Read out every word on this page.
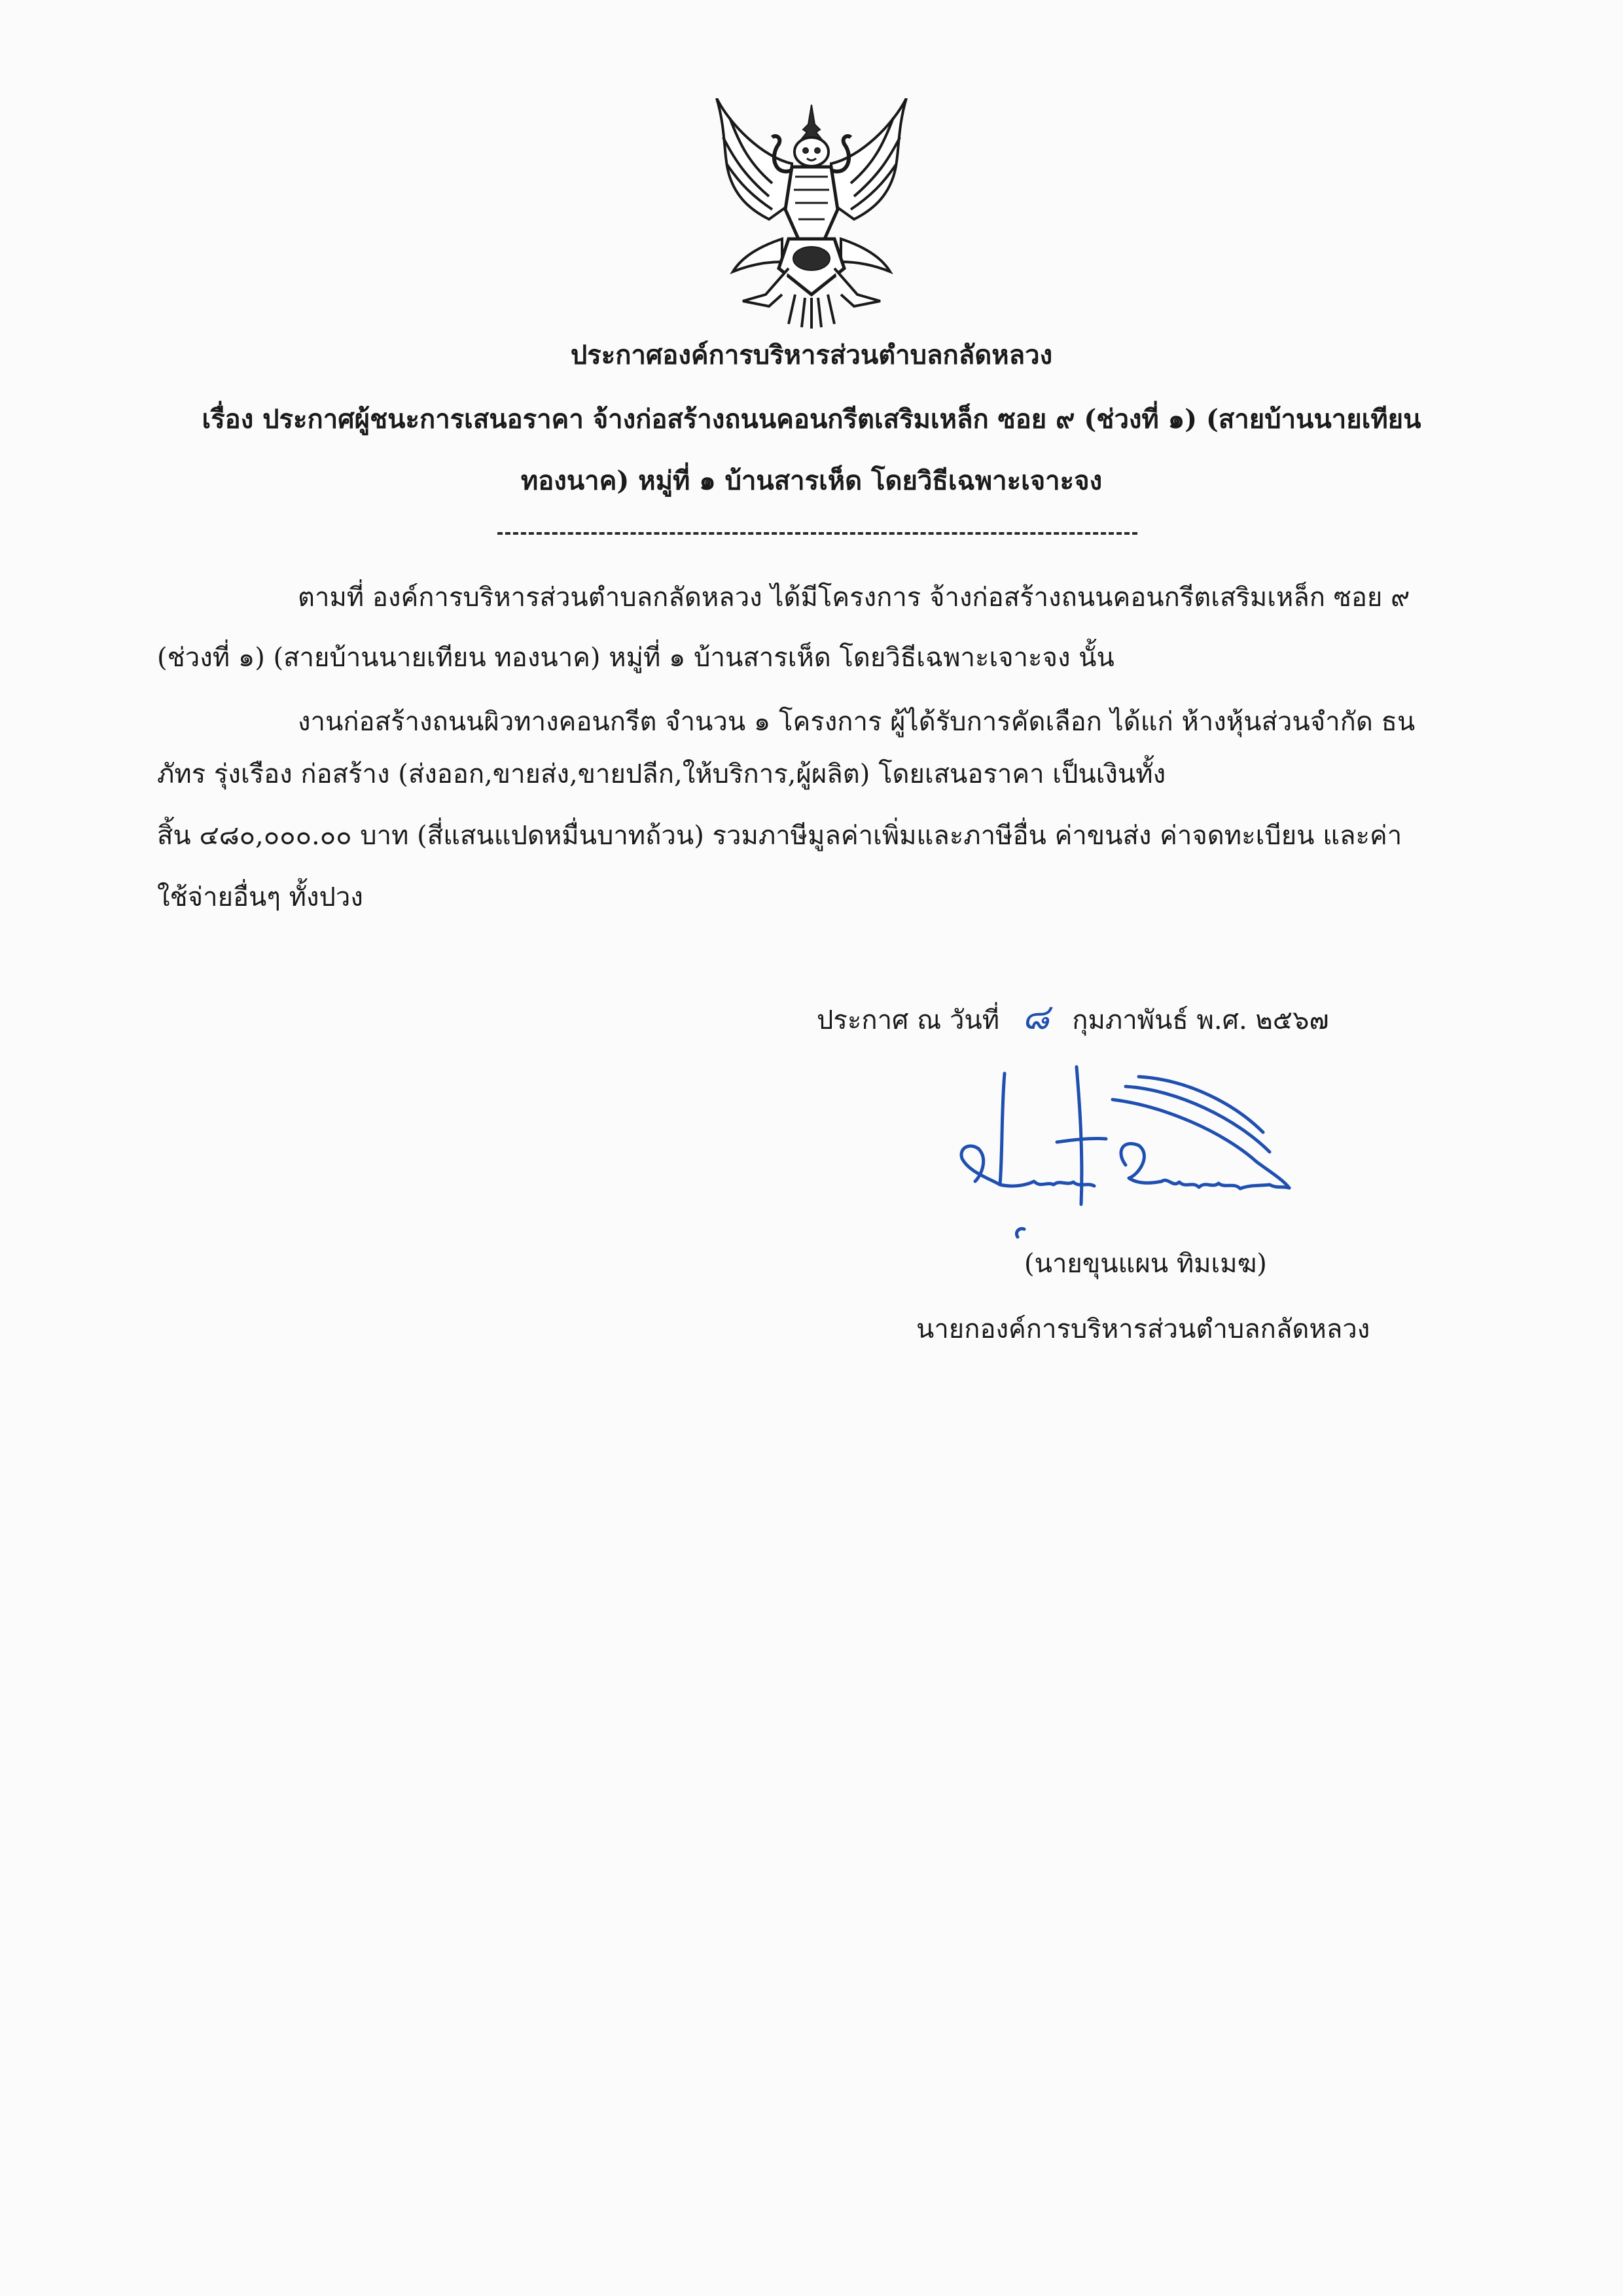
ประกาศองค์การบริหารส่วนตำบลกลัดหลวง
เรื่อง ประกาศผู้ชนะการเสนอราคา จ้างก่อสร้างถนนคอนกรีตเสริมเหล็ก ซอย ๙ (ช่วงที่ ๑) (สายบ้านนายเทียน
ทองนาค) หมู่ที่ ๑ บ้านสารเห็ด โดยวิธีเฉพาะเจาะจง
ตามที่ องค์การบริหารส่วนตำบลกลัดหลวง ได้มีโครงการ จ้างก่อสร้างถนนคอนกรีตเสริมเหล็ก ซอย ๙
(ช่วงที่ ๑) (สายบ้านนายเทียน ทองนาค) หมู่ที่ ๑ บ้านสารเห็ด โดยวิธีเฉพาะเจาะจง นั้น
งานก่อสร้างถนนผิวทางคอนกรีต จำนวน ๑ โครงการ ผู้ได้รับการคัดเลือก ได้แก่ ห้างหุ้นส่วนจำกัด ธน
ภัทร รุ่งเรือง ก่อสร้าง (ส่งออก,ขายส่ง,ขายปลีก,ให้บริการ,ผู้ผลิต) โดยเสนอราคา เป็นเงินทั้ง
สิ้น ๔๘๐,๐๐๐.๐๐ บาท (สี่แสนแปดหมื่นบาทถ้วน) รวมภาษีมูลค่าเพิ่มและภาษีอื่น ค่าขนส่ง ค่าจดทะเบียน และค่า
ใช้จ่ายอื่นๆ ทั้งปวง
ประกาศ ณ วันที่ ๘ กุมภาพันธ์ พ.ศ. ๒๕๖๗
(นายขุนแผน ทิมเมฆ)
นายกองค์การบริหารส่วนตำบลกลัดหลวง
